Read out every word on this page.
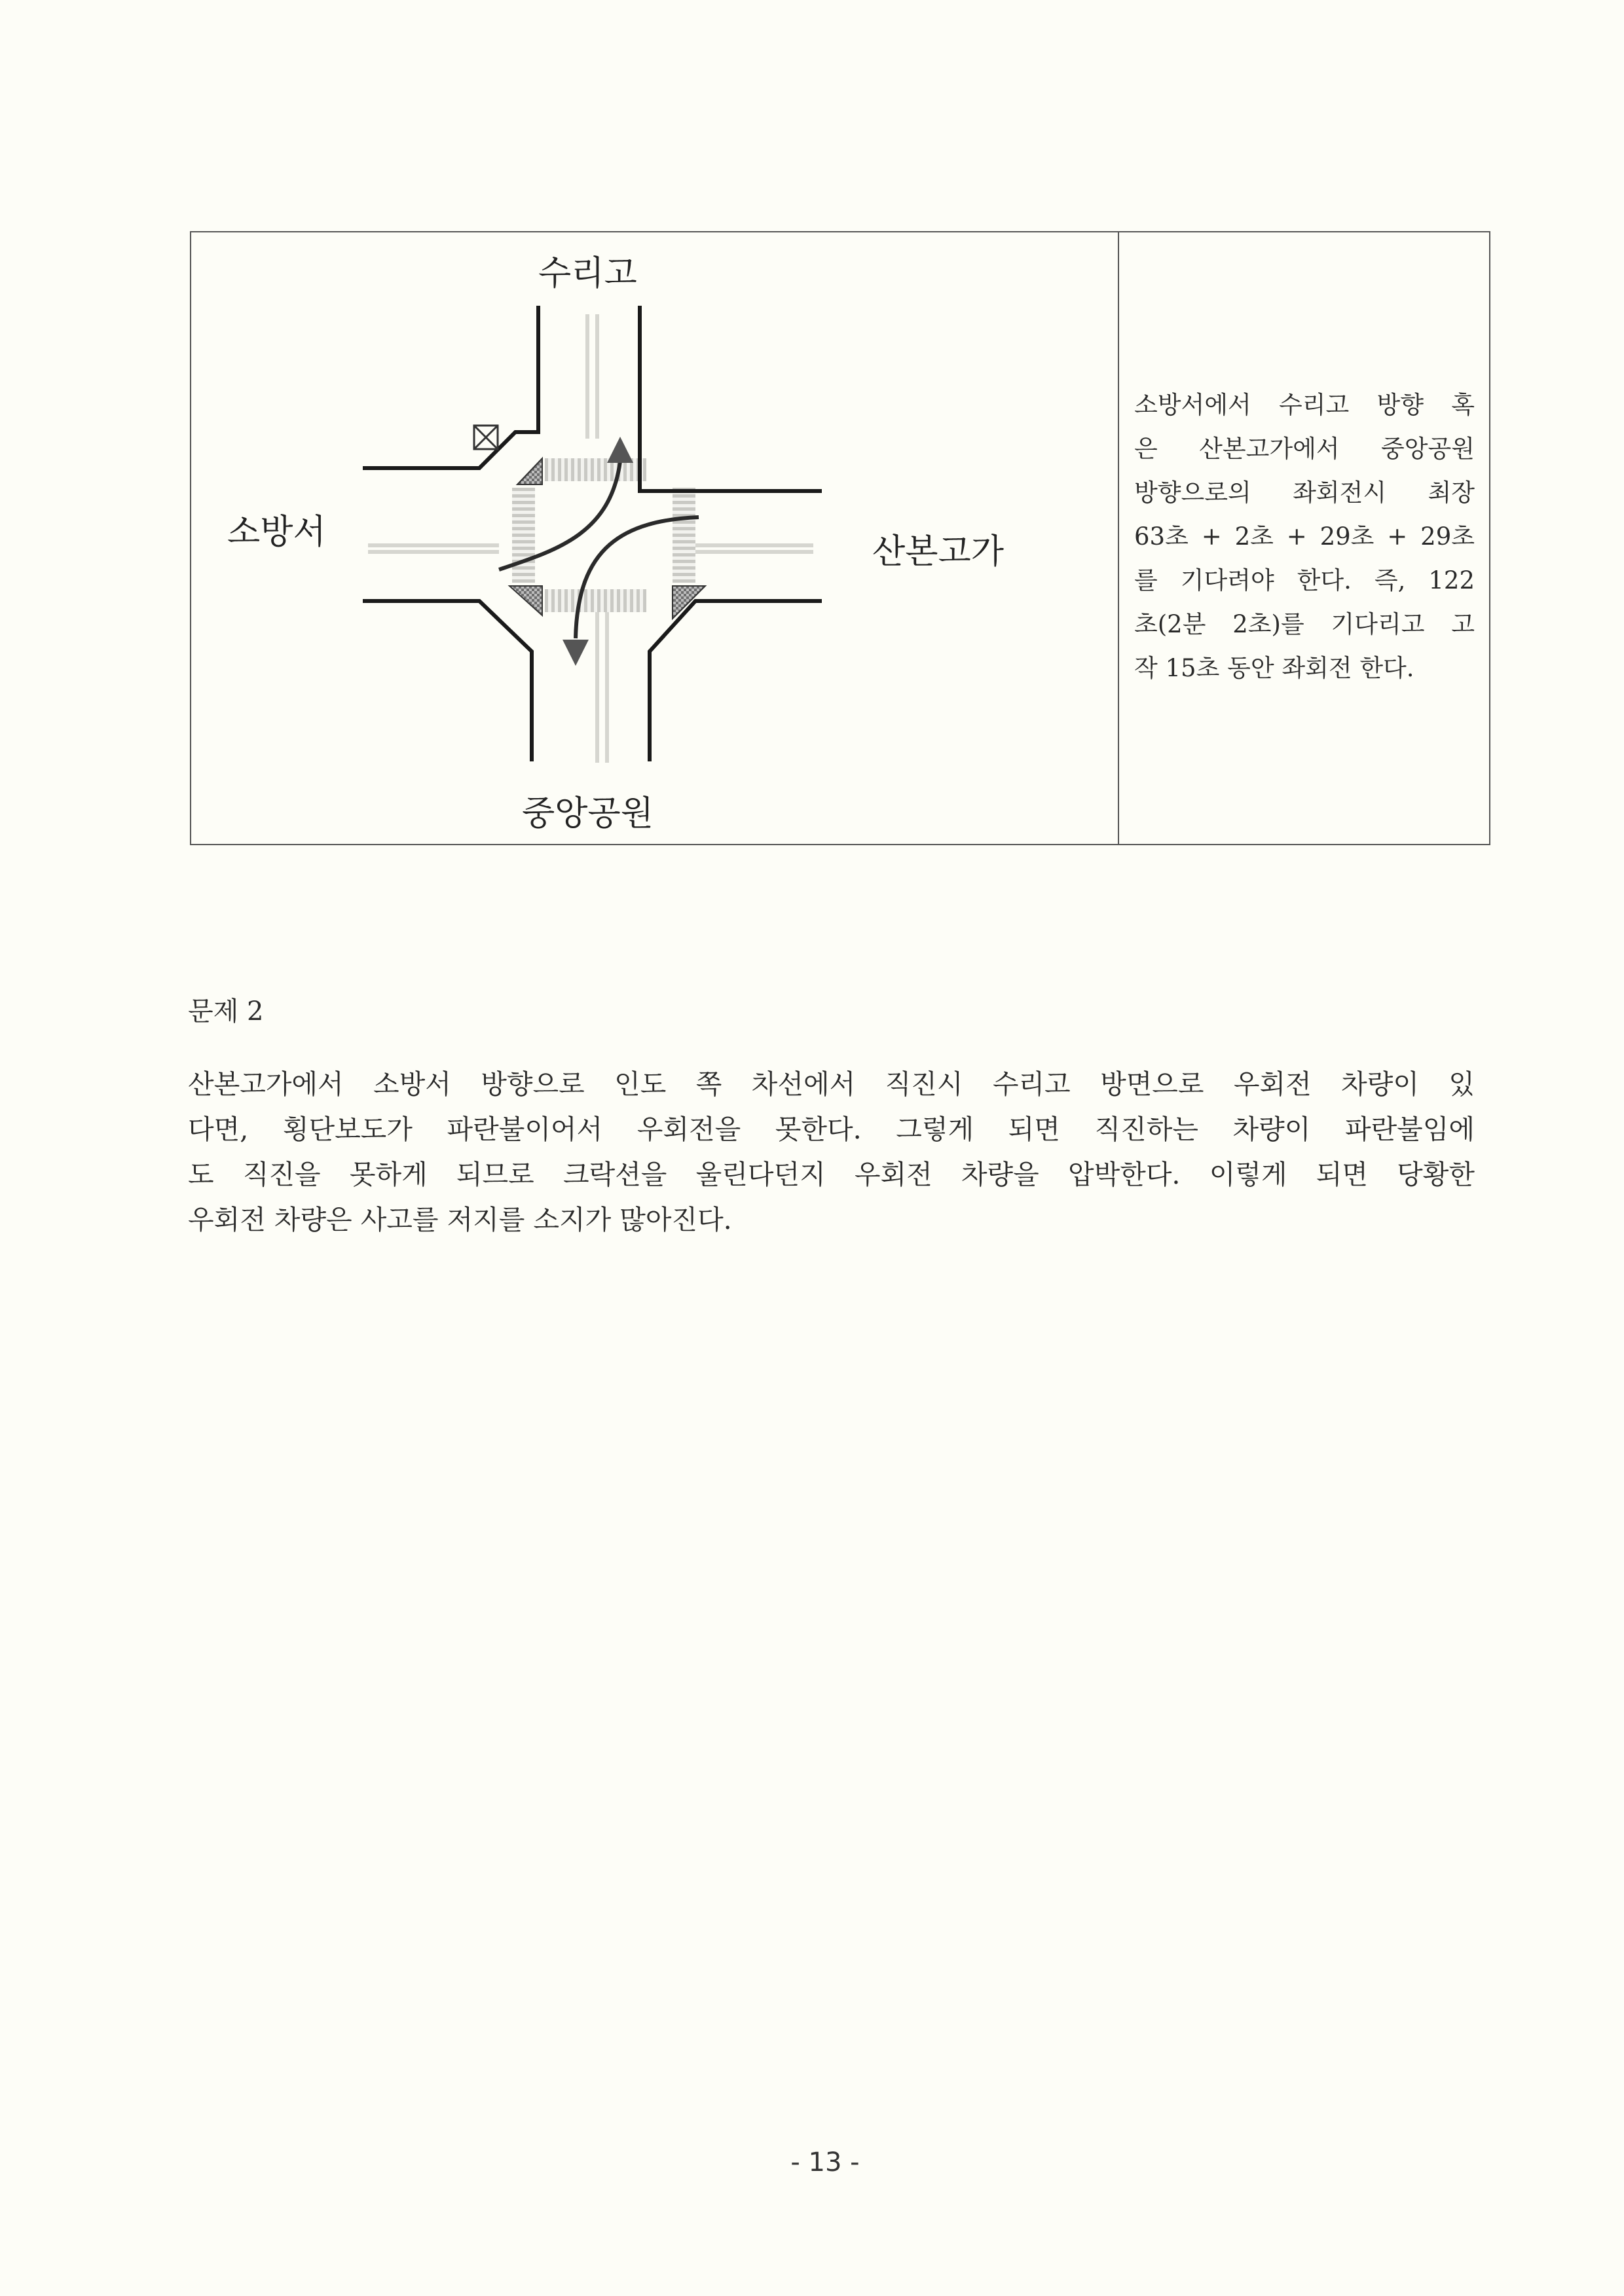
수리고
소방서	산본고가
중앙공원
소방서에서 수리고 방향 혹
은 산본고가에서 중앙공원
방향으로의 좌회전시 최장
63초 + 2초 + 29초 + 29초
를 기다려야 한다. 즉, 122
초(2분 2초)를 기다리고 고
작 15초 동안 좌회전 한다.
문제 2
산본고가에서 소방서 방향으로 인도 쪽 차선에서 직진시 수리고 방면으로 우회전 차량이 있
다면, 횡단보도가 파란불이어서 우회전을 못한다. 그렇게 되면 직진하는 차량이 파란불임에
도 직진을 못하게 되므로 크락션을 울린다던지 우회전 차량을 압박한다. 이렇게 되면 당황한
우회전 차량은 사고를 저지를 소지가 많아진다.
- 13 -
